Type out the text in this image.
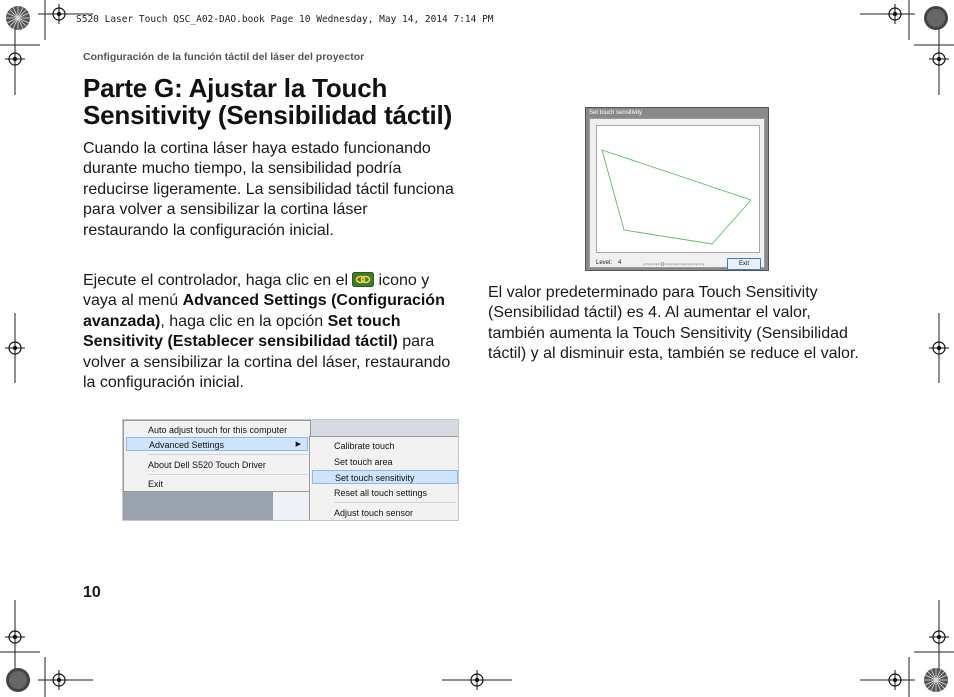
S520 Laser Touch QSC_A02-DAO.book Page 10 Wednesday, May 14, 2014 7:14 PM
Configuración de la función táctil del láser del proyector
Parte G: Ajustar la Touch Sensitivity (Sensibilidad táctil)

Cuando la cortina láser haya estado funcionando durante mucho tiempo, la sensibilidad podría reducirse ligeramente. La sensibilidad táctil funciona para volver a sensibilizar la cortina láser restaurando la configuración inicial.

Ejecute el controlador, haga clic en el icono y vaya al menú Advanced Settings (Configuración avanzada), haga clic en la opción Set touch Sensitivity (Establecer sensibilidad táctil) para volver a sensibilizar la cortina del láser, restaurando la configuración inicial.

Auto adjust touch for this computer
Advanced Settings	▶
About Dell S520 Touch Driver
Exit
Calibrate touch
Set touch area
Set touch sensitivity
Reset all touch settings
Adjust touch sensor
Set touch sensitivity
Level: 4	Exit

El valor predeterminado para Touch Sensitivity (Sensibilidad táctil) es 4. Al aumentar el valor, también aumenta la Touch Sensitivity (Sensibilidad táctil) y al disminuir esta, también se reduce el valor.

10
